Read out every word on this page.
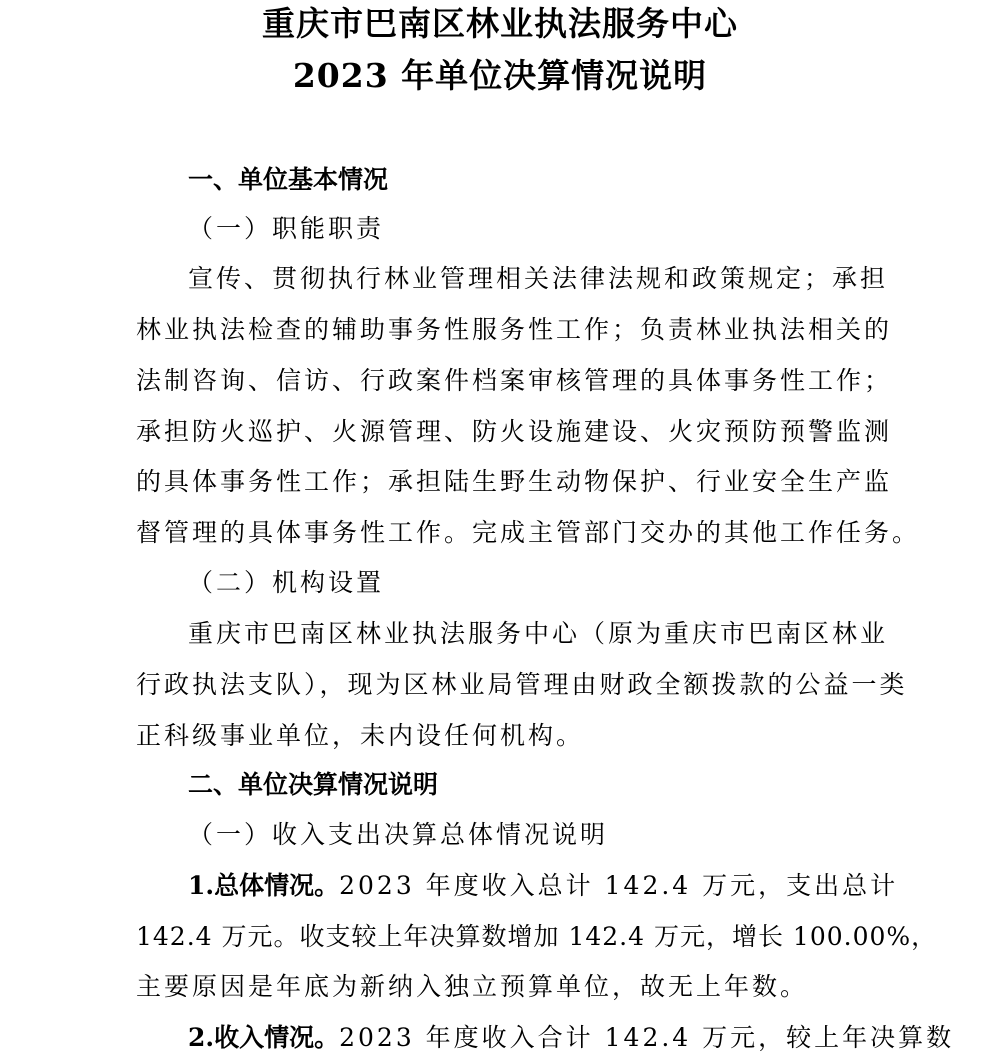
重庆市巴南区林业执法服务中心
2023 年单位决算情况说明
一、单位基本情况
（一）职能职责
宣传、贯彻执行林业管理相关法律法规和政策规定；承担
林业执法检查的辅助事务性服务性工作；负责林业执法相关的
法制咨询、信访、行政案件档案审核管理的具体事务性工作；
承担防火巡护、火源管理、防火设施建设、火灾预防预警监测
的具体事务性工作；承担陆生野生动物保护、行业安全生产监
督管理的具体事务性工作。完成主管部门交办的其他工作任务。
（二）机构设置
重庆市巴南区林业执法服务中心（原为重庆市巴南区林业
行政执法支队），现为区林业局管理由财政全额拨款的公益一类
正科级事业单位，未内设任何机构。
二、单位决算情况说明
（一）收入支出决算总体情况说明
1.总体情况。2023 年度收入总计 142.4 万元，支出总计
142.4 万元。收支较上年决算数增加 142.4 万元，增长 100.00%，
主要原因是年底为新纳入独立预算单位，故无上年数。
2.收入情况。2023 年度收入合计 142.4 万元，较上年决算数
